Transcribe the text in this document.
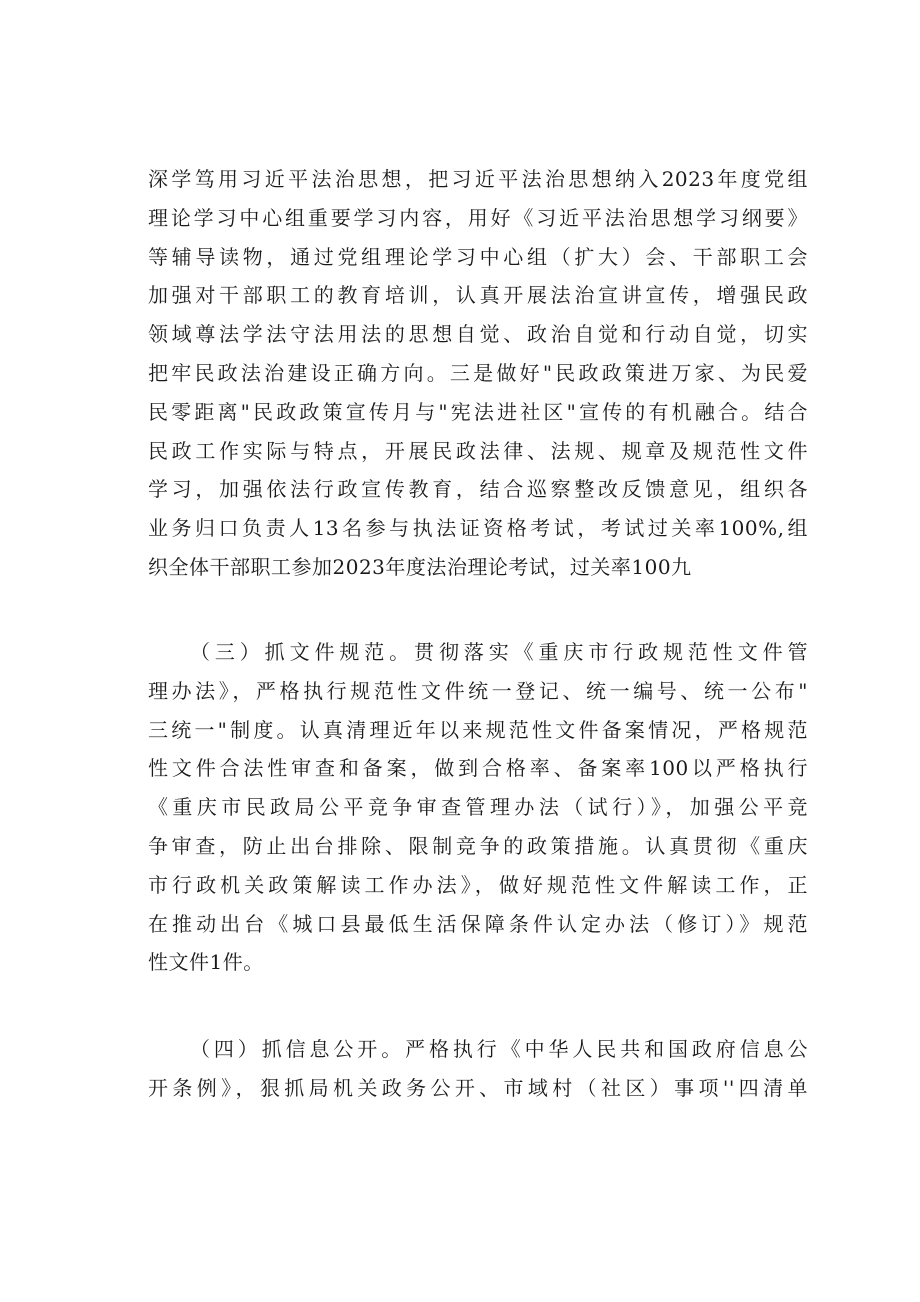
深学笃用习近平法治思想，把习近平法治思想纳入2023年度党组
理论学习中心组重要学习内容，用好《习近平法治思想学习纲要》
等辅导读物，通过党组理论学习中心组（扩大）会、干部职工会
加强对干部职工的教育培训，认真开展法治宣讲宣传，增强民政
领域尊法学法守法用法的思想自觉、政治自觉和行动自觉，切实
把牢民政法治建设正确方向。三是做好"民政政策进万家、为民爱
民零距离"民政政策宣传月与"宪法进社区"宣传的有机融合。结合
民政工作实际与特点，开展民政法律、法规、规章及规范性文件
学习，加强依法行政宣传教育，结合巡察整改反馈意见，组织各
业务归口负责人13名参与执法证资格考试，考试过关率100%,组
织全体干部职工参加2023年度法治理论考试，过关率100九
（三）抓文件规范。贯彻落实《重庆市行政规范性文件管
理办法》，严格执行规范性文件统一登记、统一编号、统一公布"
三统一"制度。认真清理近年以来规范性文件备案情况，严格规范
性文件合法性审查和备案，做到合格率、备案率100以严格执行
《重庆市民政局公平竞争审查管理办法（试行）》，加强公平竞
争审查，防止出台排除、限制竞争的政策措施。认真贯彻《重庆
市行政机关政策解读工作办法》，做好规范性文件解读工作，正
在推动出台《城口县最低生活保障条件认定办法（修订）》规范
性文件1件。
（四）抓信息公开。严格执行《中华人民共和国政府信息公
开条例》，狠抓局机关政务公开、市域村（社区）事项''四清单
